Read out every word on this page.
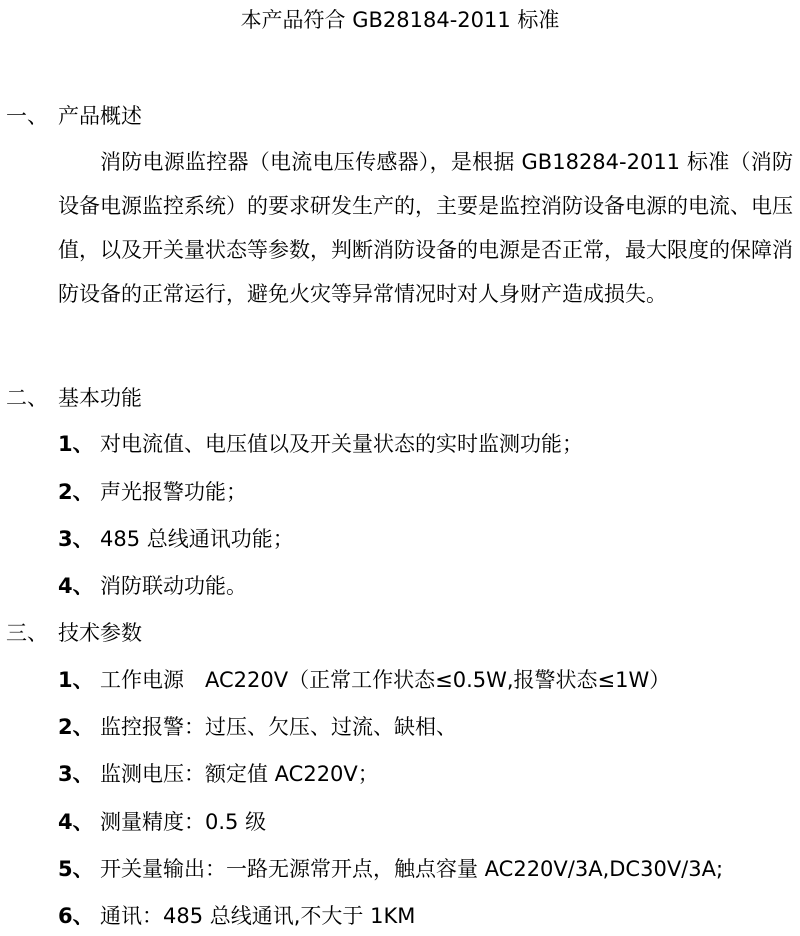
本产品符合 GB28184-2011 标准
一、 产品概述
消防电源监控器（电流电压传感器），是根据 GB18284-2011 标准（消防设备电源监控系统）的要求研发生产的，主要是监控消防设备电源的电流、电压值，以及开关量状态等参数，判断消防设备的电源是否正常，最大限度的保障消防设备的正常运行，避免火灾等异常情况时对人身财产造成损失。
二、 基本功能
1、 对电流值、电压值以及开关量状态的实时监测功能；
2、 声光报警功能；
3、 485 总线通讯功能；
4、 消防联动功能。
三、 技术参数
1、 工作电源　AC220V（正常工作状态≤0.5W,报警状态≤1W）
2、 监控报警：过压、欠压、过流、缺相、
3、 监测电压：额定值 AC220V；
4、 测量精度：0.5 级
5、 开关量输出：一路无源常开点，触点容量 AC220V/3A,DC30V/3A;
6、 通讯：485 总线通讯,不大于 1KM
